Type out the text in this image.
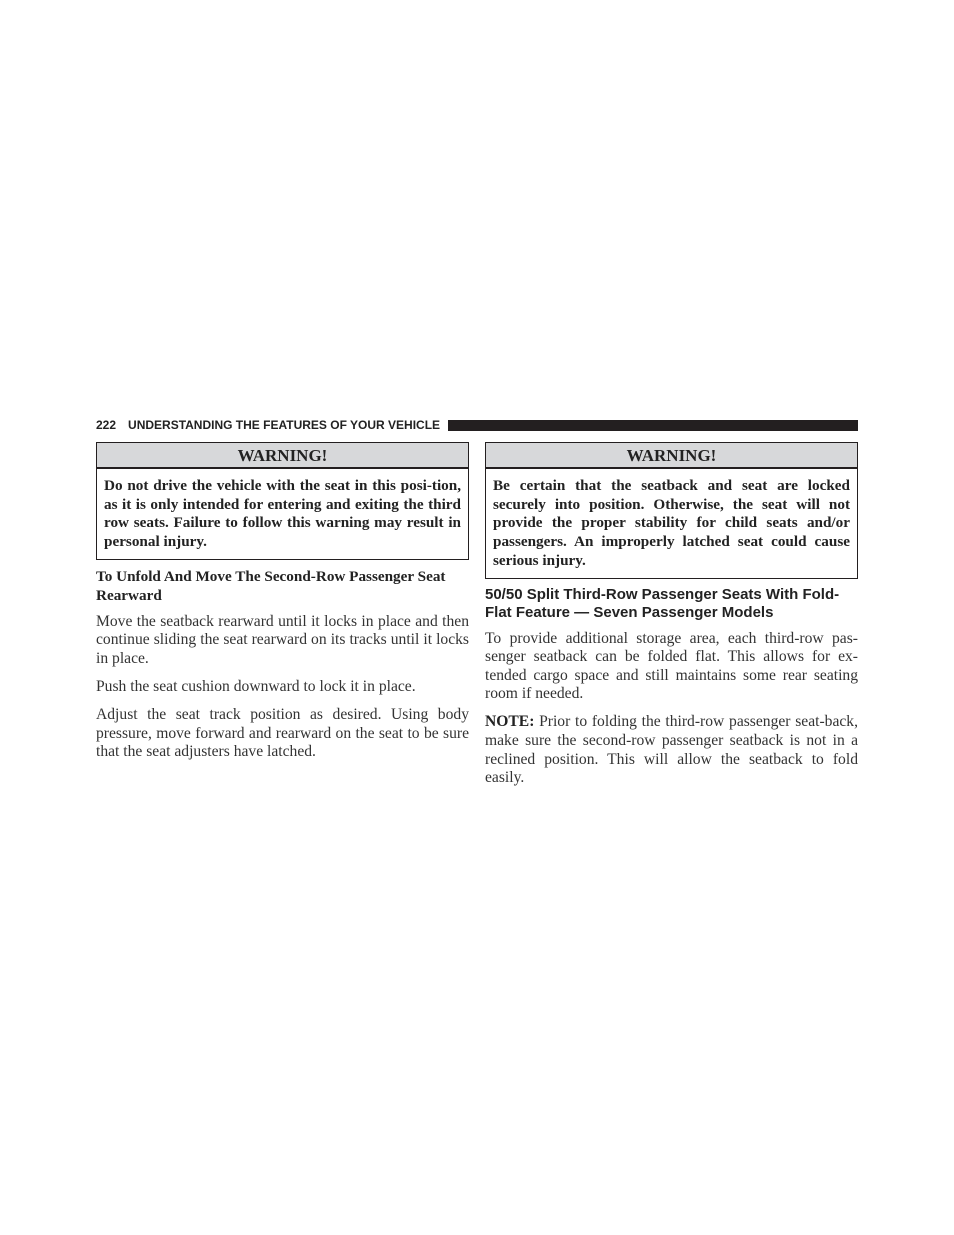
222 UNDERSTANDING THE FEATURES OF YOUR VEHICLE
WARNING!
Do not drive the vehicle with the seat in this posi-tion, as it is only intended for entering and exiting the third row seats. Failure to follow this warning may result in personal injury.
To Unfold And Move The Second-Row Passenger Seat Rearward

Move the seatback rearward until it locks in place and then continue sliding the seat rearward on its tracks until it locks in place.

Push the seat cushion downward to lock it in place.

Adjust the seat track position as desired. Using body pressure, move forward and rearward on the seat to be sure that the seat adjusters have latched.

WARNING!
Be certain that the seatback and seat are locked securely into position. Otherwise, the seat will not provide the proper stability for child seats and/or passengers. An improperly latched seat could cause serious injury.
50/50 Split Third-Row Passenger Seats With Fold-Flat Feature — Seven Passenger Models

To provide additional storage area, each third-row pas-senger seatback can be folded flat. This allows for ex-tended cargo space and still maintains some rear seating room if needed.

NOTE: Prior to folding the third-row passenger seat-back, make sure the second-row passenger seatback is not in a reclined position. This will allow the seatback to fold easily.
